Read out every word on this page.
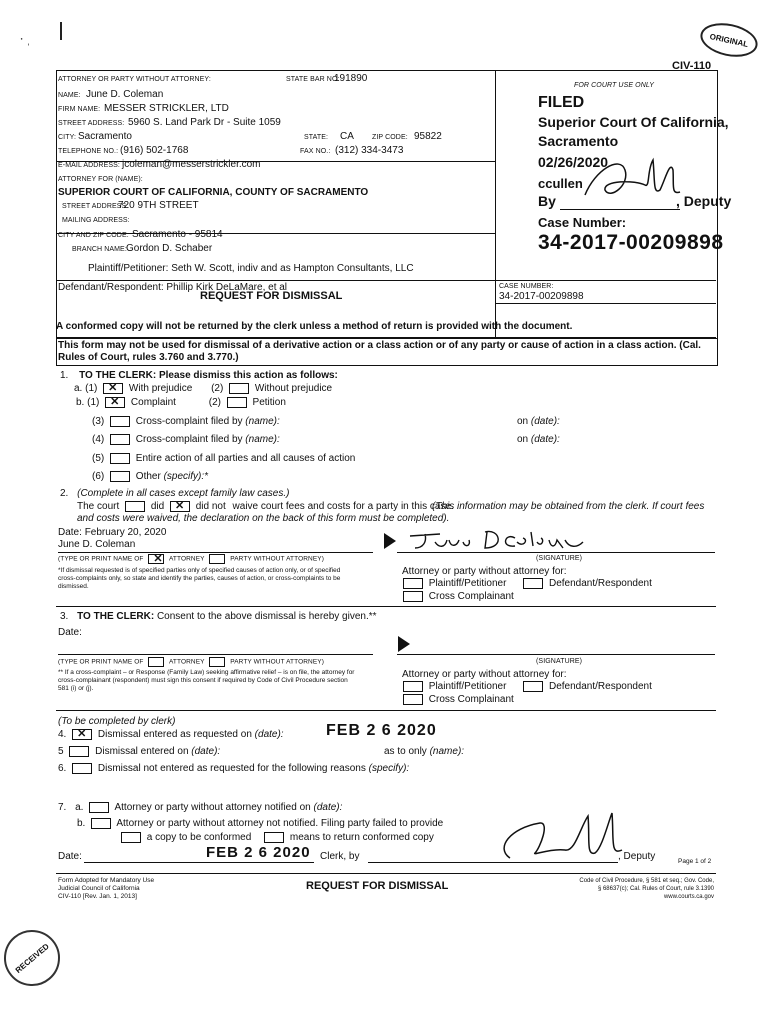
⸱ ˌ	ORIGINAL
CIV-110
ATTORNEY OR PARTY WITHOUT ATTORNEY:	STATE BAR NO:
191890
NAME: June D. Coleman
FIRM NAME: MESSER STRICKLER, LTD
STREET ADDRESS: 5960 S. Land Park Dr - Suite 1059
CITY: Sacramento	STATE: CA	ZIP CODE: 95822
TELEPHONE NO.: (916) 502-1768	FAX NO.: (312) 334-3473
E-MAIL ADDRESS: jcoleman@messerstrickler.com
ATTORNEY FOR (NAME):
SUPERIOR COURT OF CALIFORNIA, COUNTY OF SACRAMENTO
STREET ADDRESS:
720 9TH STREET
MAILING ADDRESS:
CITY AND ZIP CODE: Sacramento - 95814
BRANCH NAME: Gordon D. Schaber
Plaintiff/Petitioner: Seth W. Scott, indiv and as Hampton Consultants, LLC
Defendant/Respondent: Phillip Kirk DeLaMare, et al
FOR COURT USE ONLY
FILED
Superior Court Of California,
Sacramento
02/26/2020
ccullen
By	, Deputy
Case Number:
34-2017-00209898
CASE NUMBER:
34-2017-00209898
REQUEST FOR DISMISSAL
A conformed copy will not be returned by the clerk unless a method of return is provided with the document.
This form may not be used for dismissal of a derivative action or a class action or of any party or cause of action in a class action. (Cal. Rules of Court, rules 3.760 and 3.770.)
1. TO THE CLERK: Please dismiss this action as follows:
a. (1) ✕	With prejudice (2)	Without prejudice
b. (1) ✕	Complaint	(2)	Petition
(3)	Cross-complaint filed by (name):	on (date):
(4)	Cross-complaint filed by (name):	on (date):
(5)	Entire action of all parties and all causes of action
(6)	Other (specify):*
2. (Complete in all cases except family law cases.)
The court	did ✕	did not waive court fees and costs for a party in this case.
(This information may be obtained from the clerk. If court fees and costs were waived, the declaration on the back of this form must be completed).
Date: February 20, 2020
June D. Coleman
(TYPE OR PRINT NAME OF ✕	ATTORNEY	PARTY WITHOUT ATTORNEY)
*If dismissal requested is of specified parties only of specified causes of action only, or of specified cross-complaints only, so state and identify the parties, causes of action, or cross-complaints to be dismissed.
(SIGNATURE)
Attorney or party without attorney for:
Plaintiff/Petitioner	Defendant/Respondent
Cross Complainant
3. TO THE CLERK: Consent to the above dismissal is hereby given.**
Date:
(TYPE OR PRINT NAME OF	ATTORNEY	PARTY WITHOUT ATTORNEY)
** If a cross-complaint – or Response (Family Law) seeking affirmative relief – is on file, the attorney for cross-complainant (respondent) must sign this consent if required by Code of Civil Procedure section 581 (i) or (j).
(SIGNATURE)
Attorney or party without attorney for:
Plaintiff/Petitioner	Defendant/Respondent
Cross Complainant
(To be completed by clerk)
4. ✕	Dismissal entered as requested on (date):	FEB 2 6 2020
5	Dismissal entered on (date):	as to only (name):
6.	Dismissal not entered as requested for the following reasons (specify):
7. a.	Attorney or party without attorney notified on (date):
b.	Attorney or party without attorney not notified. Filing party failed to provide
a copy to be conformed	means to return conformed copy
Date:	FEB 2 6 2020 Clerk, by	, Deputy	Page 1 of 2
Form Adopted for Mandatory Use
Judicial Council of California
CIV-110 [Rev. Jan. 1, 2013]
REQUEST FOR DISMISSAL	Code of Civil Procedure, § 581 et seq.; Gov. Code,
§ 68637(c); Cal. Rules of Court, rule 3.1390
www.courts.ca.gov
RECEIVED
